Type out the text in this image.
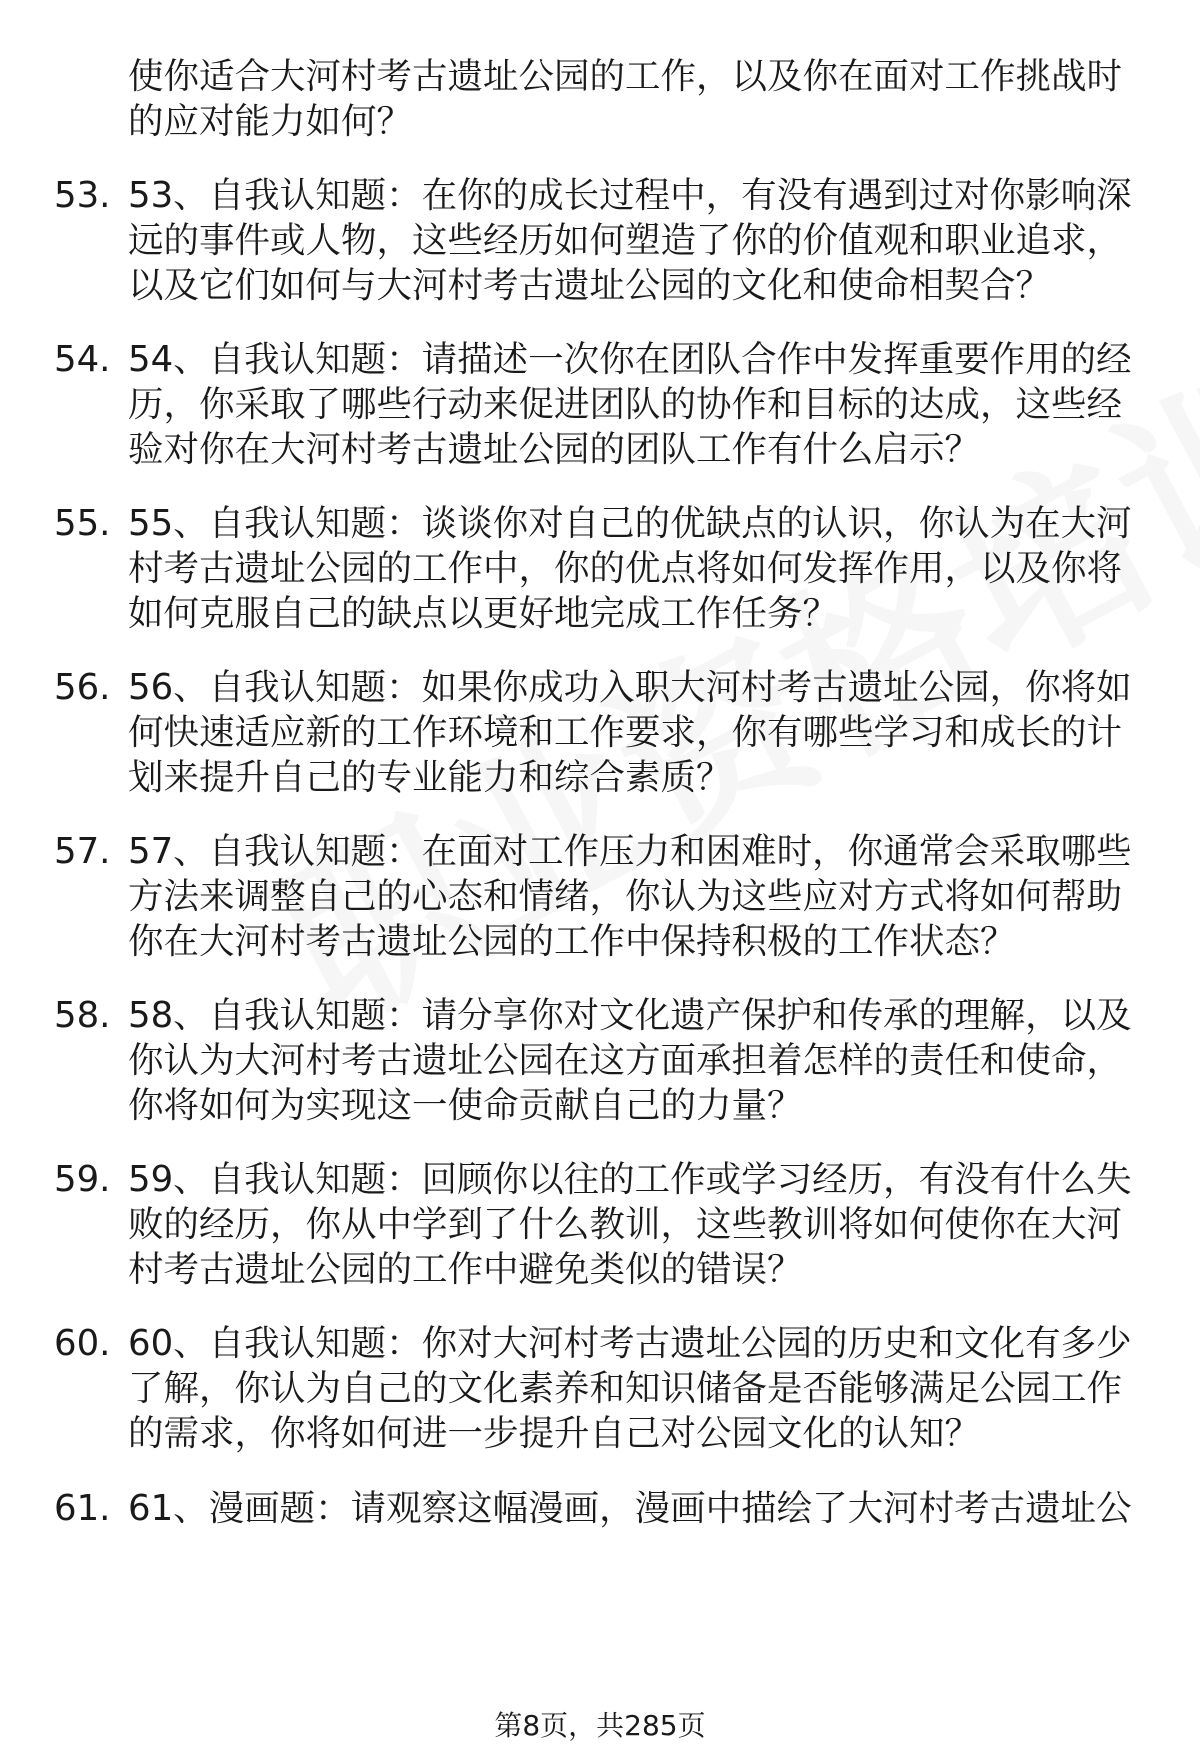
使你适合大河村考古遗址公园的工作，以及你在面对工作挑战时
的应对能力如何？
53. 53、自我认知题：在你的成长过程中，有没有遇到过对你影响深
远的事件或人物，这些经历如何塑造了你的价值观和职业追求，
以及它们如何与大河村考古遗址公园的文化和使命相契合？
54. 54、自我认知题：请描述一次你在团队合作中发挥重要作用的经
历，你采取了哪些行动来促进团队的协作和目标的达成，这些经
验对你在大河村考古遗址公园的团队工作有什么启示？
55. 55、自我认知题：谈谈你对自己的优缺点的认识，你认为在大河
村考古遗址公园的工作中，你的优点将如何发挥作用，以及你将
如何克服自己的缺点以更好地完成工作任务？
56. 56、自我认知题：如果你成功入职大河村考古遗址公园，你将如
何快速适应新的工作环境和工作要求，你有哪些学习和成长的计
划来提升自己的专业能力和综合素质？
57. 57、自我认知题：在面对工作压力和困难时，你通常会采取哪些
方法来调整自己的心态和情绪，你认为这些应对方式将如何帮助
你在大河村考古遗址公园的工作中保持积极的工作状态？
58. 58、自我认知题：请分享你对文化遗产保护和传承的理解，以及
你认为大河村考古遗址公园在这方面承担着怎样的责任和使命，
你将如何为实现这一使命贡献自己的力量？
59. 59、自我认知题：回顾你以往的工作或学习经历，有没有什么失
败的经历，你从中学到了什么教训，这些教训将如何使你在大河
村考古遗址公园的工作中避免类似的错误？
60. 60、自我认知题：你对大河村考古遗址公园的历史和文化有多少
了解，你认为自己的文化素养和知识储备是否能够满足公园工作
的需求，你将如何进一步提升自己对公园文化的认知？
61. 61、漫画题：请观察这幅漫画，漫画中描绘了大河村考古遗址公
第8页，共285页
